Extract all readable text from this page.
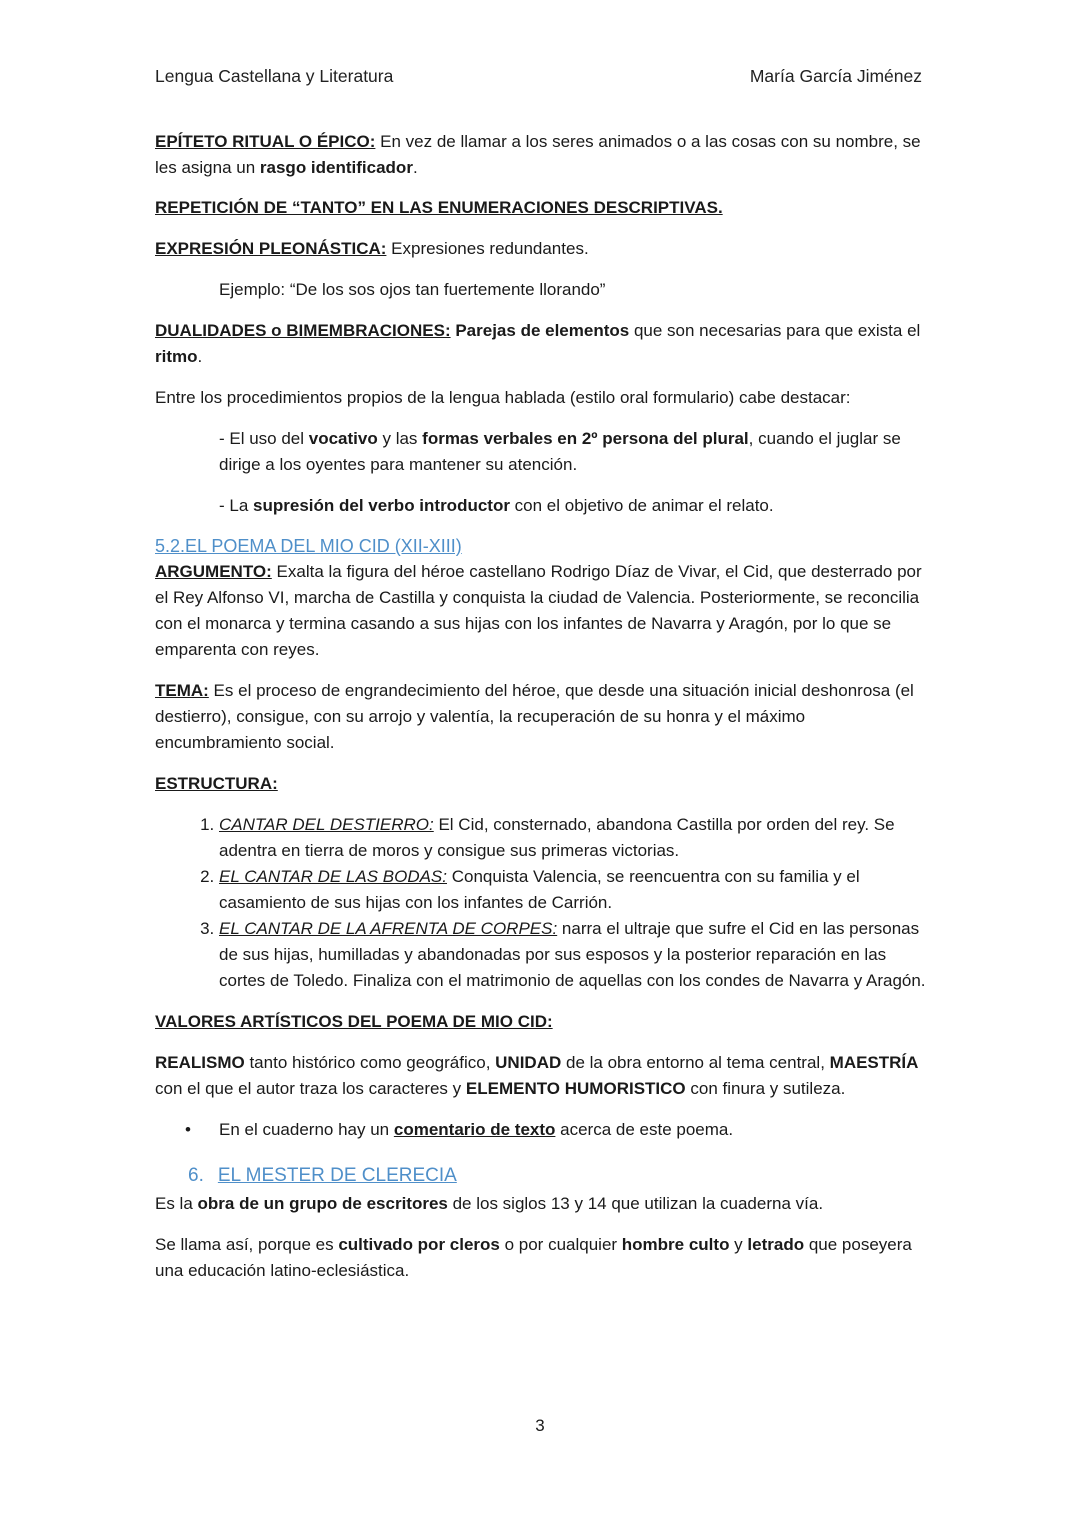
Lengua Castellana y Literatura	María García Jiménez

EPÍTETO RITUAL O ÉPICO: En vez de llamar a los seres animados o a las cosas con su nombre, se les asigna un rasgo identificador.

REPETICIÓN DE “TANTO” EN LAS ENUMERACIONES DESCRIPTIVAS.

EXPRESIÓN PLEONÁSTICA: Expresiones redundantes.

Ejemplo: “De los sos ojos tan fuertemente llorando”

DUALIDADES o BIMEMBRACIONES: Parejas de elementos que son necesarias para que exista el ritmo.

Entre los procedimientos propios de la lengua hablada (estilo oral formulario) cabe destacar:

- El uso del vocativo y las formas verbales en 2º persona del plural, cuando el juglar se dirige a los oyentes para mantener su atención.

- La supresión del verbo introductor con el objetivo de animar el relato.

5.2.EL POEMA DEL MIO CID (XII-XIII)

ARGUMENTO: Exalta la figura del héroe castellano Rodrigo Díaz de Vivar, el Cid, que desterrado por el Rey Alfonso VI, marcha de Castilla y conquista la ciudad de Valencia. Posteriormente, se reconcilia con el monarca y termina casando a sus hijas con los infantes de Navarra y Aragón, por lo que se emparenta con reyes.

TEMA: Es el proceso de engrandecimiento del héroe, que desde una situación inicial deshonrosa (el destierro), consigue, con su arrojo y valentía, la recuperación de su honra y el máximo encumbramiento social.

ESTRUCTURA:

1. CANTAR DEL DESTIERRO: El Cid, consternado, abandona Castilla por orden del rey. Se adentra en tierra de moros y consigue sus primeras victorias.
2. EL CANTAR DE LAS BODAS: Conquista Valencia, se reencuentra con su familia y el casamiento de sus hijas con los infantes de Carrión.
3. EL CANTAR DE LA AFRENTA DE CORPES: narra el ultraje que sufre el Cid en las personas de sus hijas, humilladas y abandonadas por sus esposos y la posterior reparación en las cortes de Toledo. Finaliza con el matrimonio de aquellas con los condes de Navarra y Aragón.

VALORES ARTÍSTICOS DEL POEMA DE MIO CID:

REALISMO tanto histórico como geográfico, UNIDAD de la obra entorno al tema central, MAESTRÍA con el que el autor traza los caracteres y ELEMENTO HUMORISTICO con finura y sutileza.

• En el cuaderno hay un comentario de texto acerca de este poema.

6. EL MESTER DE CLERECIA

Es la obra de un grupo de escritores de los siglos 13 y 14 que utilizan la cuaderna vía.

Se llama así, porque es cultivado por cleros o por cualquier hombre culto y letrado que poseyera una educación latino-eclesiástica.

3
